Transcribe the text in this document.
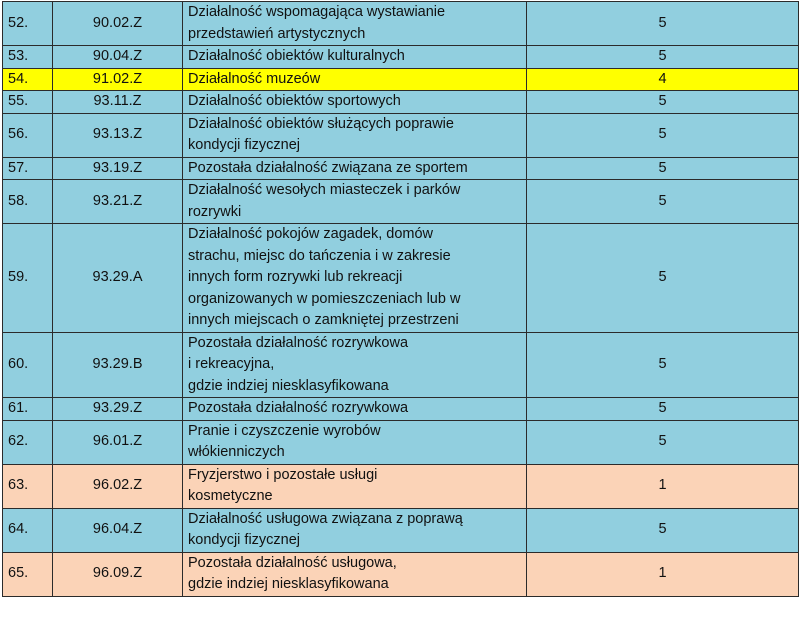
52.	90.02.Z	Działalność wspomagająca wystawianie
przedstawień artystycznych	5
53.	90.04.Z	Działalność obiektów kulturalnych	5
54.	91.02.Z	Działalność muzeów	4
55.	93.11.Z	Działalność obiektów sportowych	5
56.	93.13.Z	Działalność obiektów służących poprawie
kondycji fizycznej	5
57.	93.19.Z	Pozostała działalność związana ze sportem	5
58.	93.21.Z	Działalność wesołych miasteczek i parków
rozrywki	5
59.	93.29.A	Działalność pokojów zagadek, domów
strachu, miejsc do tańczenia i w zakresie
innych form rozrywki lub rekreacji
organizowanych w pomieszczeniach lub w
innych miejscach o zamkniętej przestrzeni	5
60.	93.29.B	Pozostała działalność rozrywkowa
i rekreacyjna,
gdzie indziej niesklasyfikowana	5
61.	93.29.Z	Pozostała działalność rozrywkowa	5
62.	96.01.Z	Pranie i czyszczenie wyrobów
włókienniczych	5
63.	96.02.Z	Fryzjerstwo i pozostałe usługi
kosmetyczne	1
64.	96.04.Z	Działalność usługowa związana z poprawą
kondycji fizycznej	5
65.	96.09.Z	Pozostała działalność usługowa,
gdzie indziej niesklasyfikowana	1
